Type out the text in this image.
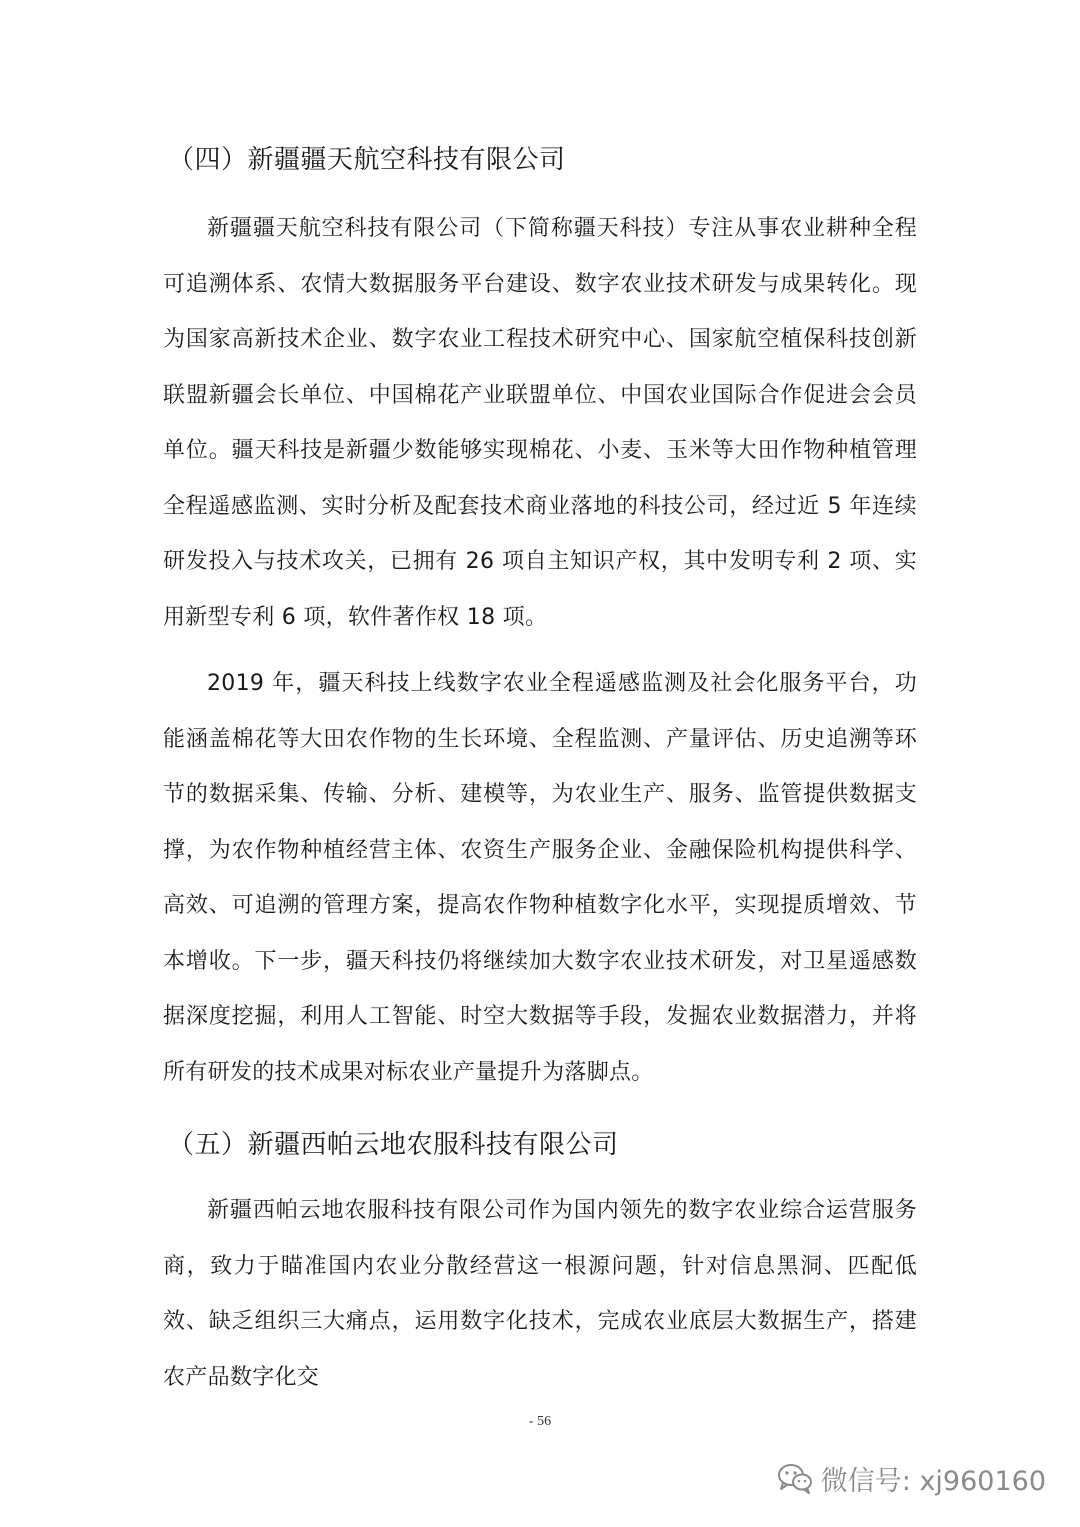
（四）新疆疆天航空科技有限公司

新疆疆天航空科技有限公司（下简称疆天科技）专注从事农业耕种全程可追溯体系、农情大数据服务平台建设、数字农业技术研发与成果转化。现为国家高新技术企业、数字农业工程技术研究中心、国家航空植保科技创新联盟新疆会长单位、中国棉花产业联盟单位、中国农业国际合作促进会会员单位。疆天科技是新疆少数能够实现棉花、小麦、玉米等大田作物种植管理全程遥感监测、实时分析及配套技术商业落地的科技公司，经过近 5 年连续研发投入与技术攻关，已拥有 26 项自主知识产权，其中发明专利 2 项、实用新型专利 6 项，软件著作权 18 项。

2019 年，疆天科技上线数字农业全程遥感监测及社会化服务平台，功能涵盖棉花等大田农作物的生长环境、全程监测、产量评估、历史追溯等环节的数据采集、传输、分析、建模等，为农业生产、服务、监管提供数据支撑，为农作物种植经营主体、农资生产服务企业、金融保险机构提供科学、高效、可追溯的管理方案，提高农作物种植数字化水平，实现提质增效、节本增收。下一步，疆天科技仍将继续加大数字农业技术研发，对卫星遥感数据深度挖掘，利用人工智能、时空大数据等手段，发掘农业数据潜力，并将所有研发的技术成果对标农业产量提升为落脚点。

（五）新疆西帕云地农服科技有限公司

新疆西帕云地农服科技有限公司作为国内领先的数字农业综合运营服务商，致力于瞄准国内农业分散经营这一根源问题，针对信息黑洞、匹配低效、缺乏组织三大痛点，运用数字化技术，完成农业底层大数据生产，搭建农产品数字化交

- 56
微信号: xj960160
